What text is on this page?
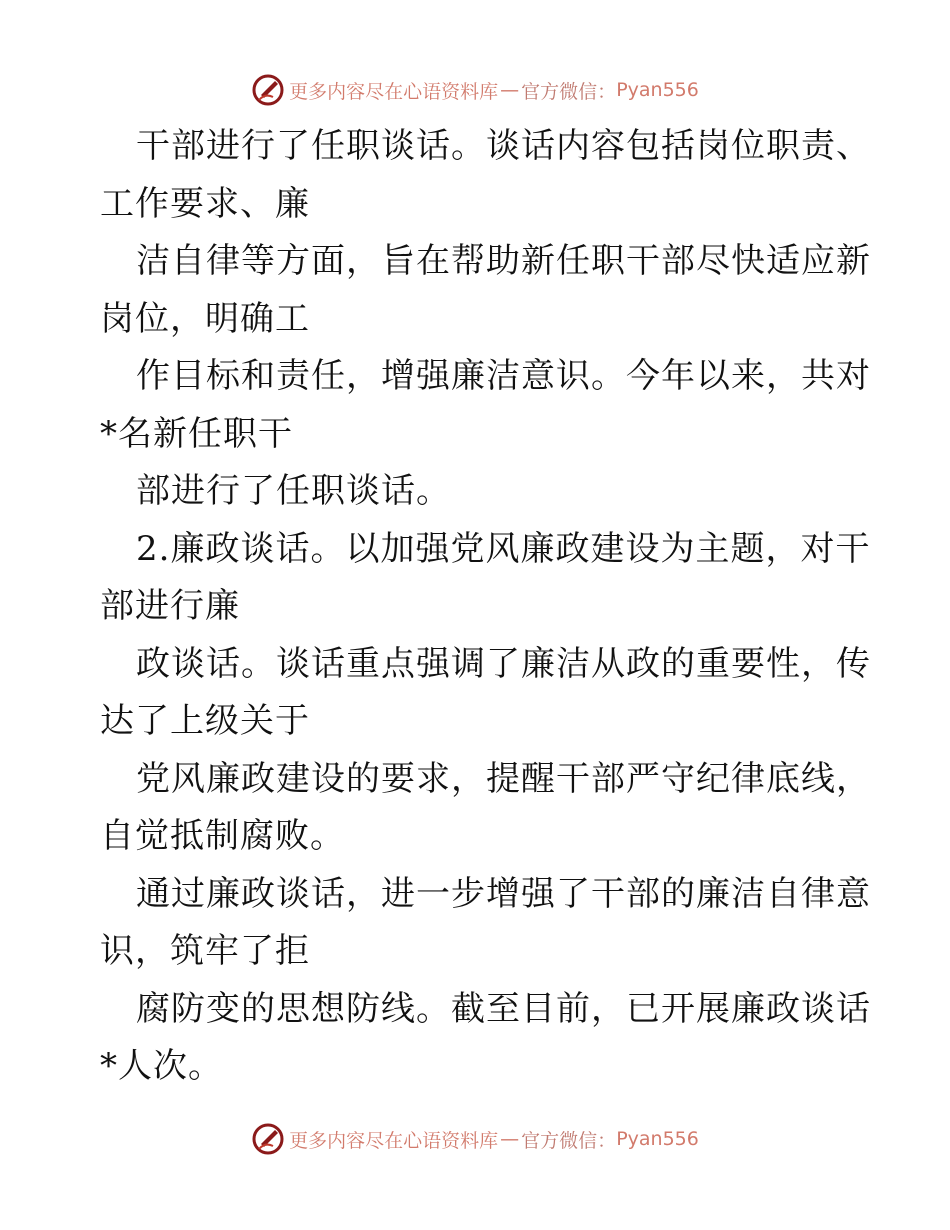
更多内容尽在心语资料库 — 官方微信： Pyan556
干部进行了任职谈话。谈话内容包括岗位职责、
工作要求、廉
洁自律等方面，旨在帮助新任职干部尽快适应新
岗位，明确工
作目标和责任，增强廉洁意识。今年以来，共对
*名新任职干
部进行了任职谈话。
2.廉政谈话。以加强党风廉政建设为主题，对干
部进行廉
政谈话。谈话重点强调了廉洁从政的重要性，传
达了上级关于
党风廉政建设的要求，提醒干部严守纪律底线，
自觉抵制腐败。
通过廉政谈话，进一步增强了干部的廉洁自律意
识，筑牢了拒
腐防变的思想防线。截至目前，已开展廉政谈话
*人次。
更多内容尽在心语资料库 — 官方微信： Pyan556
